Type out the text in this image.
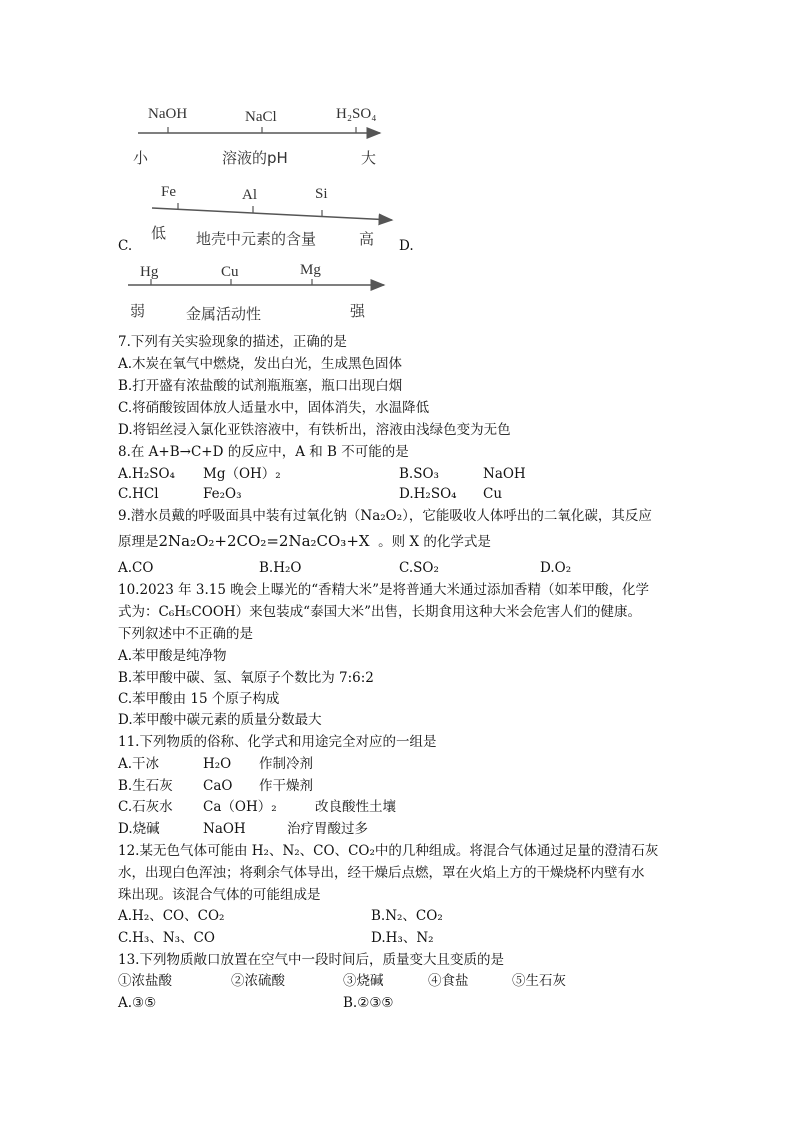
NaOH	NaCl	H₂SO₄
小	溶液的pH	大
Fe	Al	Si
低 地壳中元素的含量	高
C.	D.
Hg	Cu	Mg
弱	金属活动性	强
7.下列有关实验现象的描述，正确的是
A.木炭在氧气中燃烧，发出白光，生成黑色固体
B.打开盛有浓盐酸的试剂瓶瓶塞，瓶口出现白烟
C.将硝酸铵固体放人适量水中，固体消失，水温降低
D.将铝丝浸入氯化亚铁溶液中，有铁析出，溶液由浅绿色变为无色
8.在 A+B→C+D 的反应中，A 和 B 不可能的是
A.H₂SO₄ Mg（OH）₂	B.SO₃	NaOH
C.HCl	Fe₂O₃	D.H₂SO₄ Cu
9.潜水员戴的呼吸面具中装有过氧化钠（Na₂O₂），它能吸收人体呼出的二氧化碳，其反应
原理是2Na₂O₂+2CO₂=2Na₂CO₃+X 。则 X 的化学式是
A.CO	B.H₂O	C.SO₂	D.O₂
10.2023 年 3.15 晚会上曝光的“香精大米”是将普通大米通过添加香精（如苯甲酸，化学
式为：C₆H₅COOH）来包装成“泰国大米”出售，长期食用这种大米会危害人们的健康。
下列叙述中不正确的是
A.苯甲酸是纯净物
B.苯甲酸中碳、氢、氧原子个数比为 7:6:2
C.苯甲酸由 15 个原子构成
D.苯甲酸中碳元素的质量分数最大
11.下列物质的俗称、化学式和用途完全对应的一组是
A.干冰	H₂O 作制冷剂
B.生石灰 CaO 作干燥剂
C.石灰水 Ca（OH）₂	改良酸性土壤
D.烧碱	NaOH	治疗胃酸过多
12.某无色气体可能由 H₂、N₂、CO、CO₂中的几种组成。将混合气体通过足量的澄清石灰
水，出现白色浑浊；将剩余气体导出，经干燥后点燃，罩在火焰上方的干燥烧杯内壁有水
珠出现。该混合气体的可能组成是
A.H₂、CO、CO₂	B.N₂、CO₂
C.H₃、N₃、CO	D.H₃、N₂
13.下列物质敞口放置在空气中一段时间后，质量变大且变质的是
①浓盐酸	②浓硫酸	③烧碱	④食盐	⑤生石灰
A.③⑤	B.②③⑤
